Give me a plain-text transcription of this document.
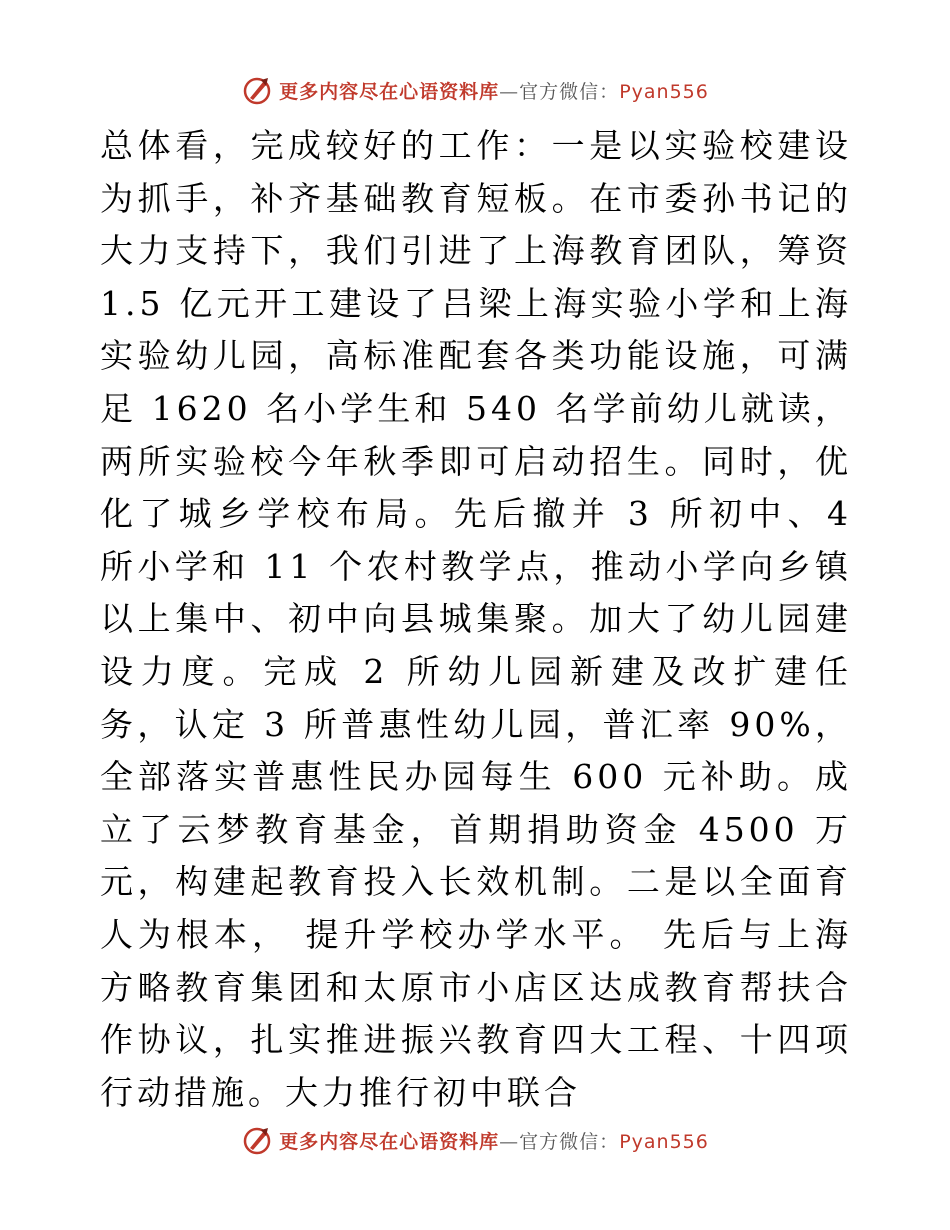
更多内容尽在心语资料库—官方微信：Pyan556

总体看，完成较好的工作：一是以实验校建设为抓手，补齐基础教育短板。在市委孙书记的大力支持下，我们引进了上海教育团队，筹资 1.5 亿元开工建设了吕梁上海实验小学和上海实验幼儿园，高标准配套各类功能设施，可满足 1620 名小学生和 540 名学前幼儿就读，两所实验校今年秋季即可启动招生。同时，优化了城乡学校布局。先后撤并 3 所初中、4 所小学和 11 个农村教学点，推动小学向乡镇以上集中、初中向县城集聚。加大了幼儿园建设力度。完成 2 所幼儿园新建及改扩建任务，认定 3 所普惠性幼儿园，普汇率 90%，全部落实普惠性民办园每生 600 元补助。成立了云梦教育基金，首期捐助资金 4500 万元，构建起教育投入长效机制。二是以全面育人为根本， 提升学校办学水平。 先后与上海方略教育集团和太原市小店区达成教育帮扶合作协议，扎实推进振兴教育四大工程、十四项行动措施。大力推行初中联合

更多内容尽在心语资料库—官方微信：Pyan556
